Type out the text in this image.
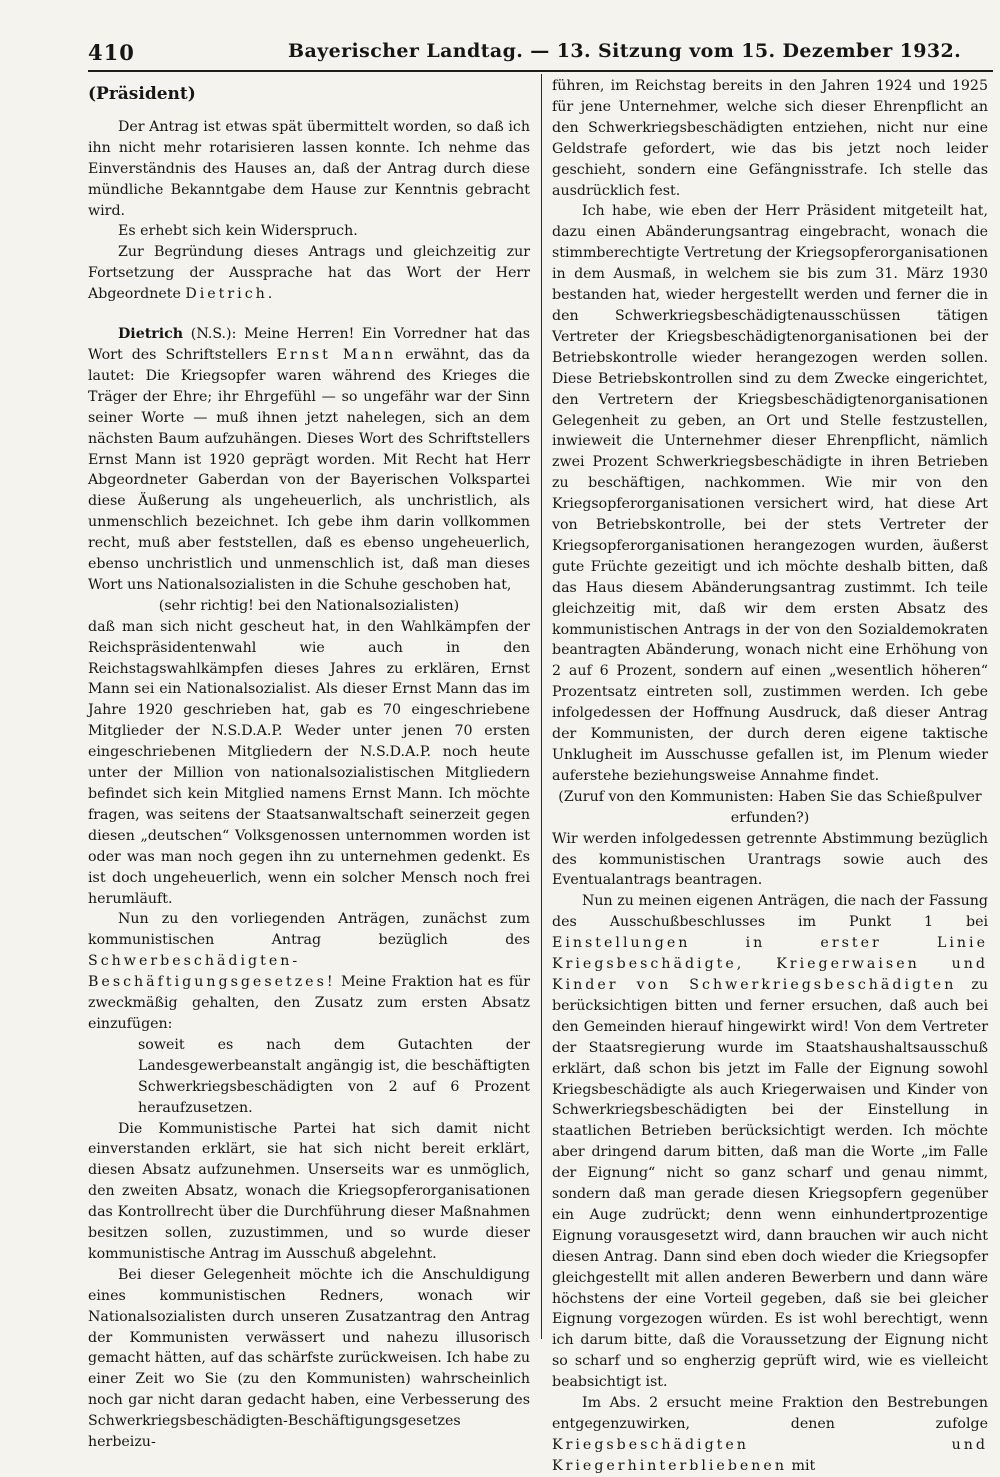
410	Bayerischer Landtag. — 13. Sitzung vom 15. Dezember 1932.

(Präsident)

Der Antrag ist etwas spät übermittelt worden, so daß ich ihn nicht mehr rotarisieren lassen konnte. Ich nehme das Einverständnis des Hauses an, daß der Antrag durch diese mündliche Bekanntgabe dem Hause zur Kenntnis gebracht wird.

Es erhebt sich kein Widerspruch.

Zur Begründung dieses Antrags und gleichzeitig zur Fortsetzung der Aussprache hat das Wort der Herr Abgeordnete Dietrich.

Dietrich (N.S.): Meine Herren! Ein Vorredner hat das Wort des Schriftstellers Ernst Mann erwähnt, das da lautet: Die Kriegsopfer waren während des Krieges die Träger der Ehre; ihr Ehrgefühl — so ungefähr war der Sinn seiner Worte — muß ihnen jetzt nahelegen, sich an dem nächsten Baum aufzuhängen. Dieses Wort des Schriftstellers Ernst Mann ist 1920 geprägt worden. Mit Recht hat Herr Abgeordneter Gaberdan von der Bayerischen Volkspartei diese Äußerung als ungeheuerlich, als unchristlich, als unmenschlich bezeichnet. Ich gebe ihm darin vollkommen recht, muß aber feststellen, daß es ebenso ungeheuerlich, ebenso unchristlich und unmenschlich ist, daß man dieses Wort uns Nationalsozialisten in die Schuhe geschoben hat,

(sehr richtig! bei den Nationalsozialisten)

daß man sich nicht gescheut hat, in den Wahlkämpfen der Reichspräsidentenwahl wie auch in den Reichstagswahlkämpfen dieses Jahres zu erklären, Ernst Mann sei ein Nationalsozialist. Als dieser Ernst Mann das im Jahre 1920 geschrieben hat, gab es 70 eingeschriebene Mitglieder der N.S.D.A.P. Weder unter jenen 70 ersten eingeschriebenen Mitgliedern der N.S.D.A.P. noch heute unter der Million von nationalsozialistischen Mitgliedern befindet sich kein Mitglied namens Ernst Mann. Ich möchte fragen, was seitens der Staatsanwaltschaft seinerzeit gegen diesen „deutschen“ Volksgenossen unternommen worden ist oder was man noch gegen ihn zu unternehmen gedenkt. Es ist doch ungeheuerlich, wenn ein solcher Mensch noch frei herumläuft.

Nun zu den vorliegenden Anträgen, zunächst zum kommunistischen Antrag bezüglich des Schwerbeschädigten-Beschäftigungsgesetzes! Meine Fraktion hat es für zweckmäßig gehalten, den Zusatz zum ersten Absatz einzufügen:

soweit es nach dem Gutachten der Landesgewerbeanstalt angängig ist, die beschäftigten Schwerkriegsbeschädigten von 2 auf 6 Prozent heraufzusetzen.

Die Kommunistische Partei hat sich damit nicht einverstanden erklärt, sie hat sich nicht bereit erklärt, diesen Absatz aufzunehmen. Unserseits war es unmöglich, den zweiten Absatz, wonach die Kriegsopferorganisationen das Kontrollrecht über die Durchführung dieser Maßnahmen besitzen sollen, zuzustimmen, und so wurde dieser kommunistische Antrag im Ausschuß abgelehnt.

Bei dieser Gelegenheit möchte ich die Anschuldigung eines kommunistischen Redners, wonach wir Nationalsozialisten durch unseren Zusatzantrag den Antrag der Kommunisten verwässert und nahezu illusorisch gemacht hätten, auf das schärfste zurückweisen. Ich habe zu einer Zeit wo Sie (zu den Kommunisten) wahrscheinlich noch gar nicht daran gedacht haben, eine Verbesserung des Schwerkriegsbeschädigten-Beschäftigungsgesetzes herbeizu-

führen, im Reichstag bereits in den Jahren 1924 und 1925 für jene Unternehmer, welche sich dieser Ehrenpflicht an den Schwerkriegsbeschädigten entziehen, nicht nur eine Geldstrafe gefordert, wie das bis jetzt noch leider geschieht, sondern eine Gefängnisstrafe. Ich stelle das ausdrücklich fest.

Ich habe, wie eben der Herr Präsident mitgeteilt hat, dazu einen Abänderungsantrag eingebracht, wonach die stimmberechtigte Vertretung der Kriegsopferorganisationen in dem Ausmaß, in welchem sie bis zum 31. März 1930 bestanden hat, wieder hergestellt werden und ferner die in den Schwerkriegsbeschädigtenausschüssen tätigen Vertreter der Kriegsbeschädigtenorganisationen bei der Betriebskontrolle wieder herangezogen werden sollen. Diese Betriebskontrollen sind zu dem Zwecke eingerichtet, den Vertretern der Kriegsbeschädigtenorganisationen Gelegenheit zu geben, an Ort und Stelle festzustellen, inwieweit die Unternehmer dieser Ehrenpflicht, nämlich zwei Prozent Schwerkriegsbeschädigte in ihren Betrieben zu beschäftigen, nachkommen. Wie mir von den Kriegsopferorganisationen versichert wird, hat diese Art von Betriebskontrolle, bei der stets Vertreter der Kriegsopferorganisationen herangezogen wurden, äußerst gute Früchte gezeitigt und ich möchte deshalb bitten, daß das Haus diesem Abänderungsantrag zustimmt. Ich teile gleichzeitig mit, daß wir dem ersten Absatz des kommunistischen Antrags in der von den Sozialdemokraten beantragten Abänderung, wonach nicht eine Erhöhung von 2 auf 6 Prozent, sondern auf einen „wesentlich höheren“ Prozentsatz eintreten soll, zustimmen werden. Ich gebe infolgedessen der Hoffnung Ausdruck, daß dieser Antrag der Kommunisten, der durch deren eigene taktische Unklugheit im Ausschusse gefallen ist, im Plenum wieder auferstehe beziehungsweise Annahme findet.

(Zuruf von den Kommunisten: Haben Sie das Schießpulver erfunden?)

Wir werden infolgedessen getrennte Abstimmung bezüglich des kommunistischen Urantrags sowie auch des Eventualantrags beantragen.

Nun zu meinen eigenen Anträgen, die nach der Fassung des Ausschußbeschlusses im Punkt 1 bei Einstellungen in erster Linie Kriegsbeschädigte, Kriegerwaisen und Kinder von Schwerkriegsbeschädigten zu berücksichtigen bitten und ferner ersuchen, daß auch bei den Gemeinden hierauf hingewirkt wird! Von dem Vertreter der Staatsregierung wurde im Staatshaushaltsausschuß erklärt, daß schon bis jetzt im Falle der Eignung sowohl Kriegsbeschädigte als auch Kriegerwaisen und Kinder von Schwerkriegsbeschädigten bei der Einstellung in staatlichen Betrieben berücksichtigt werden. Ich möchte aber dringend darum bitten, daß man die Worte „im Falle der Eignung“ nicht so ganz scharf und genau nimmt, sondern daß man gerade diesen Kriegsopfern gegenüber ein Auge zudrückt; denn wenn einhundertprozentige Eignung vorausgesetzt wird, dann brauchen wir auch nicht diesen Antrag. Dann sind eben doch wieder die Kriegsopfer gleichgestellt mit allen anderen Bewerbern und dann wäre höchstens der eine Vorteil gegeben, daß sie bei gleicher Eignung vorgezogen würden. Es ist wohl berechtigt, wenn ich darum bitte, daß die Voraussetzung der Eignung nicht so scharf und so engherzig geprüft wird, wie es vielleicht beabsichtigt ist.

Im Abs. 2 ersucht meine Fraktion den Bestrebungen entgegenzuwirken, denen zufolge Kriegsbeschädigten und Kriegerhinterbliebenen mit
